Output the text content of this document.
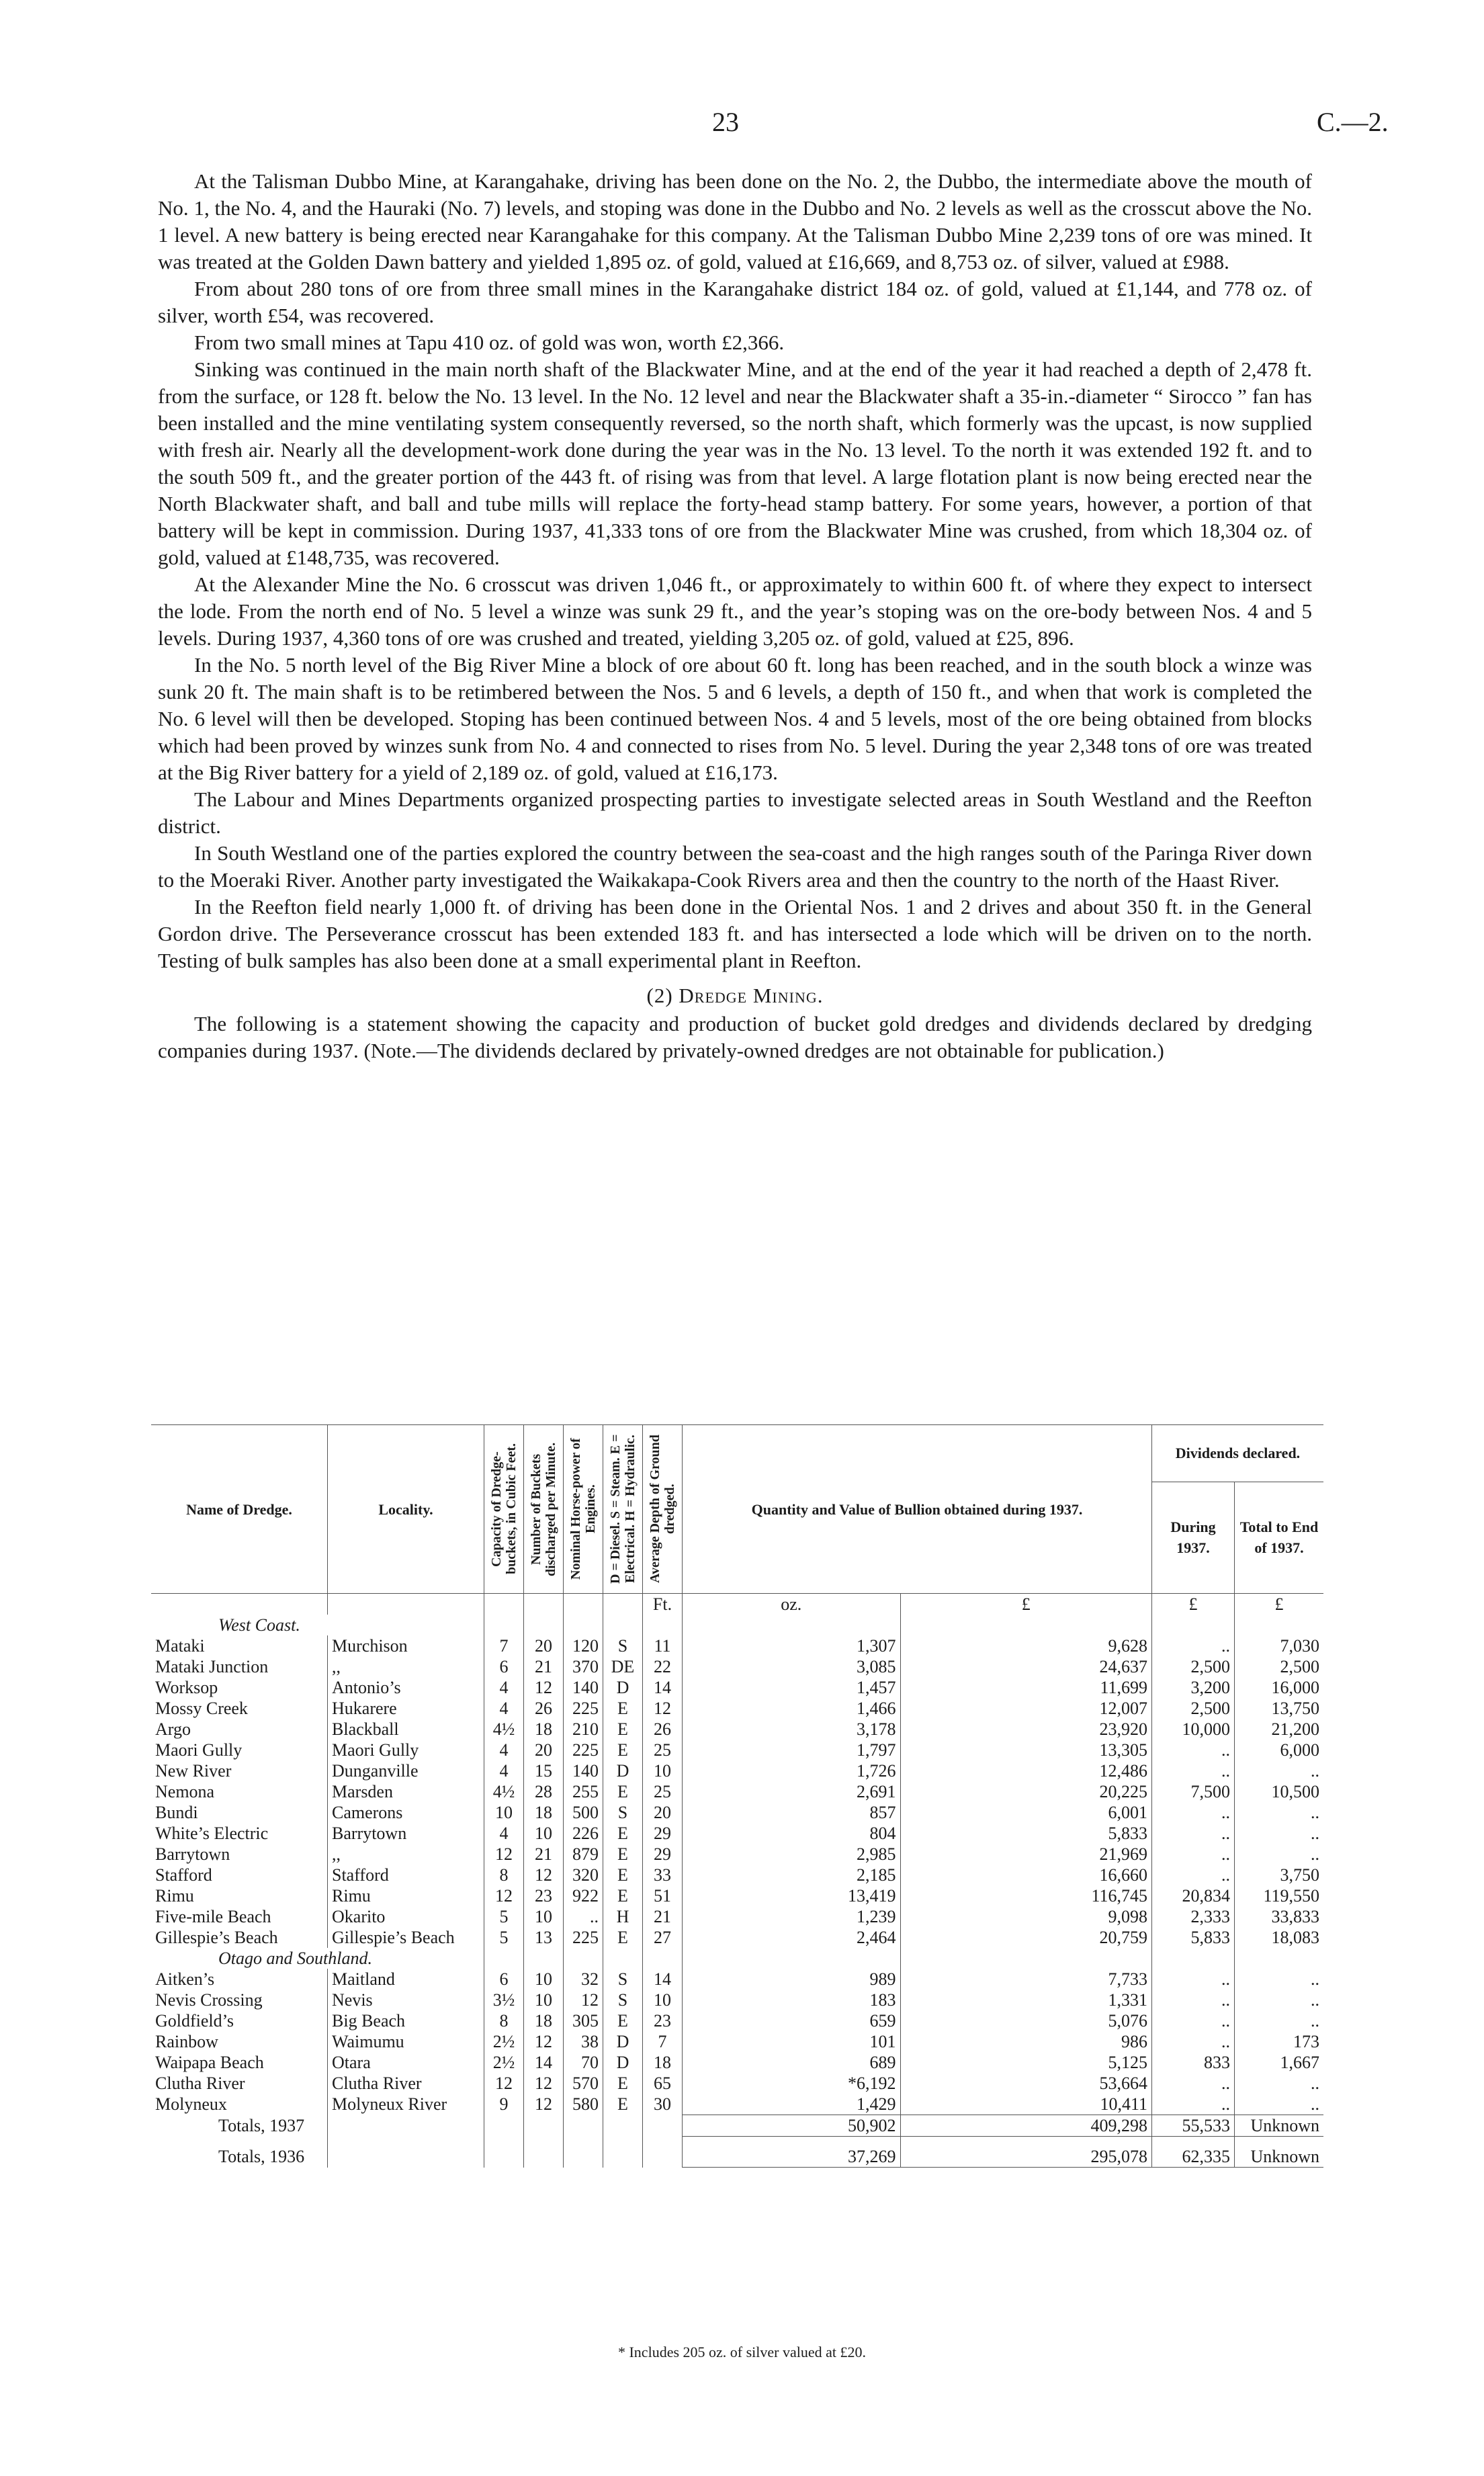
23	C.—2.

At the Talisman Dubbo Mine, at Karangahake, driving has been done on the No. 2, the Dubbo, the intermediate above the mouth of No. 1, the No. 4, and the Hauraki (No. 7) levels, and stoping was done in the Dubbo and No. 2 levels as well as the crosscut above the No. 1 level. A new battery is being erected near Karangahake for this company. At the Talisman Dubbo Mine 2,239 tons of ore was mined. It was treated at the Golden Dawn battery and yielded 1,895 oz. of gold, valued at £16,669, and 8,753 oz. of silver, valued at £988.

From about 280 tons of ore from three small mines in the Karangahake district 184 oz. of gold, valued at £1,144, and 778 oz. of silver, worth £54, was recovered.

From two small mines at Tapu 410 oz. of gold was won, worth £2,366.

Sinking was continued in the main north shaft of the Blackwater Mine, and at the end of the year it had reached a depth of 2,478 ft. from the surface, or 128 ft. below the No. 13 level. In the No. 12 level and near the Blackwater shaft a 35-in.-diameter “ Sirocco ” fan has been installed and the mine ventilating system consequently reversed, so the north shaft, which formerly was the upcast, is now supplied with fresh air. Nearly all the development-work done during the year was in the No. 13 level. To the north it was extended 192 ft. and to the south 509 ft., and the greater portion of the 443 ft. of rising was from that level. A large flotation plant is now being erected near the North Blackwater shaft, and ball and tube mills will replace the forty-head stamp battery. For some years, however, a portion of that battery will be kept in commission. During 1937, 41,333 tons of ore from the Blackwater Mine was crushed, from which 18,304 oz. of gold, valued at £148,735, was recovered.

At the Alexander Mine the No. 6 crosscut was driven 1,046 ft., or approximately to within 600 ft. of where they expect to intersect the lode. From the north end of No. 5 level a winze was sunk 29 ft., and the year’s stoping was on the ore-body between Nos. 4 and 5 levels. During 1937, 4,360 tons of ore was crushed and treated, yielding 3,205 oz. of gold, valued at £25, 896.

In the No. 5 north level of the Big River Mine a block of ore about 60 ft. long has been reached, and in the south block a winze was sunk 20 ft. The main shaft is to be retimbered between the Nos. 5 and 6 levels, a depth of 150 ft., and when that work is completed the No. 6 level will then be developed. Stoping has been continued between Nos. 4 and 5 levels, most of the ore being obtained from blocks which had been proved by winzes sunk from No. 4 and connected to rises from No. 5 level. During the year 2,348 tons of ore was treated at the Big River battery for a yield of 2,189 oz. of gold, valued at £16,173.

The Labour and Mines Departments organized prospecting parties to investigate selected areas in South Westland and the Reefton district.

In South Westland one of the parties explored the country between the sea-coast and the high ranges south of the Paringa River down to the Moeraki River. Another party investigated the Waikakapa-Cook Rivers area and then the country to the north of the Haast River.

In the Reefton field nearly 1,000 ft. of driving has been done in the Oriental Nos. 1 and 2 drives and about 350 ft. in the General Gordon drive. The Perseverance crosscut has been extended 183 ft. and has intersected a lode which will be driven on to the north. Testing of bulk samples has also been done at a small experimental plant in Reefton.

(2) Dredge Mining.

The following is a statement showing the capacity and production of bucket gold dredges and dividends declared by dredging companies during 1937. (Note.—The dividends declared by privately-owned dredges are not obtainable for publication.)

Name of Dredge.	Locality.	Capacity of Dredge-buckets, in Cubic Feet.	Number of Buckets discharged per Minute.	Nominal Horse-power of Engines.	D = Diesel. S = Steam. E = Electrical. H = Hydraulic.	Average Depth of Ground dredged.	Quantity and Value of Bullion obtained during 1937.		Dividends declared.	
									During 1937.	Total to End of 1937.
						Ft.	oz.	£	£	£
West Coast.										
Mataki	Murchison	7	20	120	S	11	1,307	9,628	..	7,030
Mataki Junction	,,	6	21	370	DE	22	3,085	24,637	2,500	2,500
Worksop	Antonio’s	4	12	140	D	14	1,457	11,699	3,200	16,000
Mossy Creek	Hukarere	4	26	225	E	12	1,466	12,007	2,500	13,750
Argo	Blackball	4½	18	210	E	26	3,178	23,920	10,000	21,200
Maori Gully	Maori Gully	4	20	225	E	25	1,797	13,305	..	6,000
New River	Dunganville	4	15	140	D	10	1,726	12,486	..	..
Nemona	Marsden	4½	28	255	E	25	2,691	20,225	7,500	10,500
Bundi	Camerons	10	18	500	S	20	857	6,001	..	..
White’s Electric	Barrytown	4	10	226	E	29	804	5,833	..	..
Barrytown	,,	12	21	879	E	29	2,985	21,969	..	..
Stafford	Stafford	8	12	320	E	33	2,185	16,660	..	3,750
Rimu	Rimu	12	23	922	E	51	13,419	116,745	20,834	119,550
Five-mile Beach	Okarito	5	10	..	H	21	1,239	9,098	2,333	33,833
Gillespie’s Beach	Gillespie’s Beach	5	13	225	E	27	2,464	20,759	5,833	18,083
Otago and Southland.										
Aitken’s	Maitland	6	10	32	S	14	989	7,733	..	..
Nevis Crossing	Nevis	3½	10	12	S	10	183	1,331	..	..
Goldfield’s	Big Beach	8	18	305	E	23	659	5,076	..	..
Rainbow	Waimumu	2½	12	38	D	7	101	986	..	173
Waipapa Beach	Otara	2½	14	70	D	18	689	5,125	833	1,667
Clutha River	Clutha River	12	12	570	E	65	*6,192	53,664	..	..
Molyneux	Molyneux River	9	12	580	E	30	1,429	10,411	..	..
Totals, 1937							50,902	409,298	55,533	Unknown
Totals, 1936							37,269	295,078	62,335	Unknown
* Includes 205 oz. of silver valued at £20.
